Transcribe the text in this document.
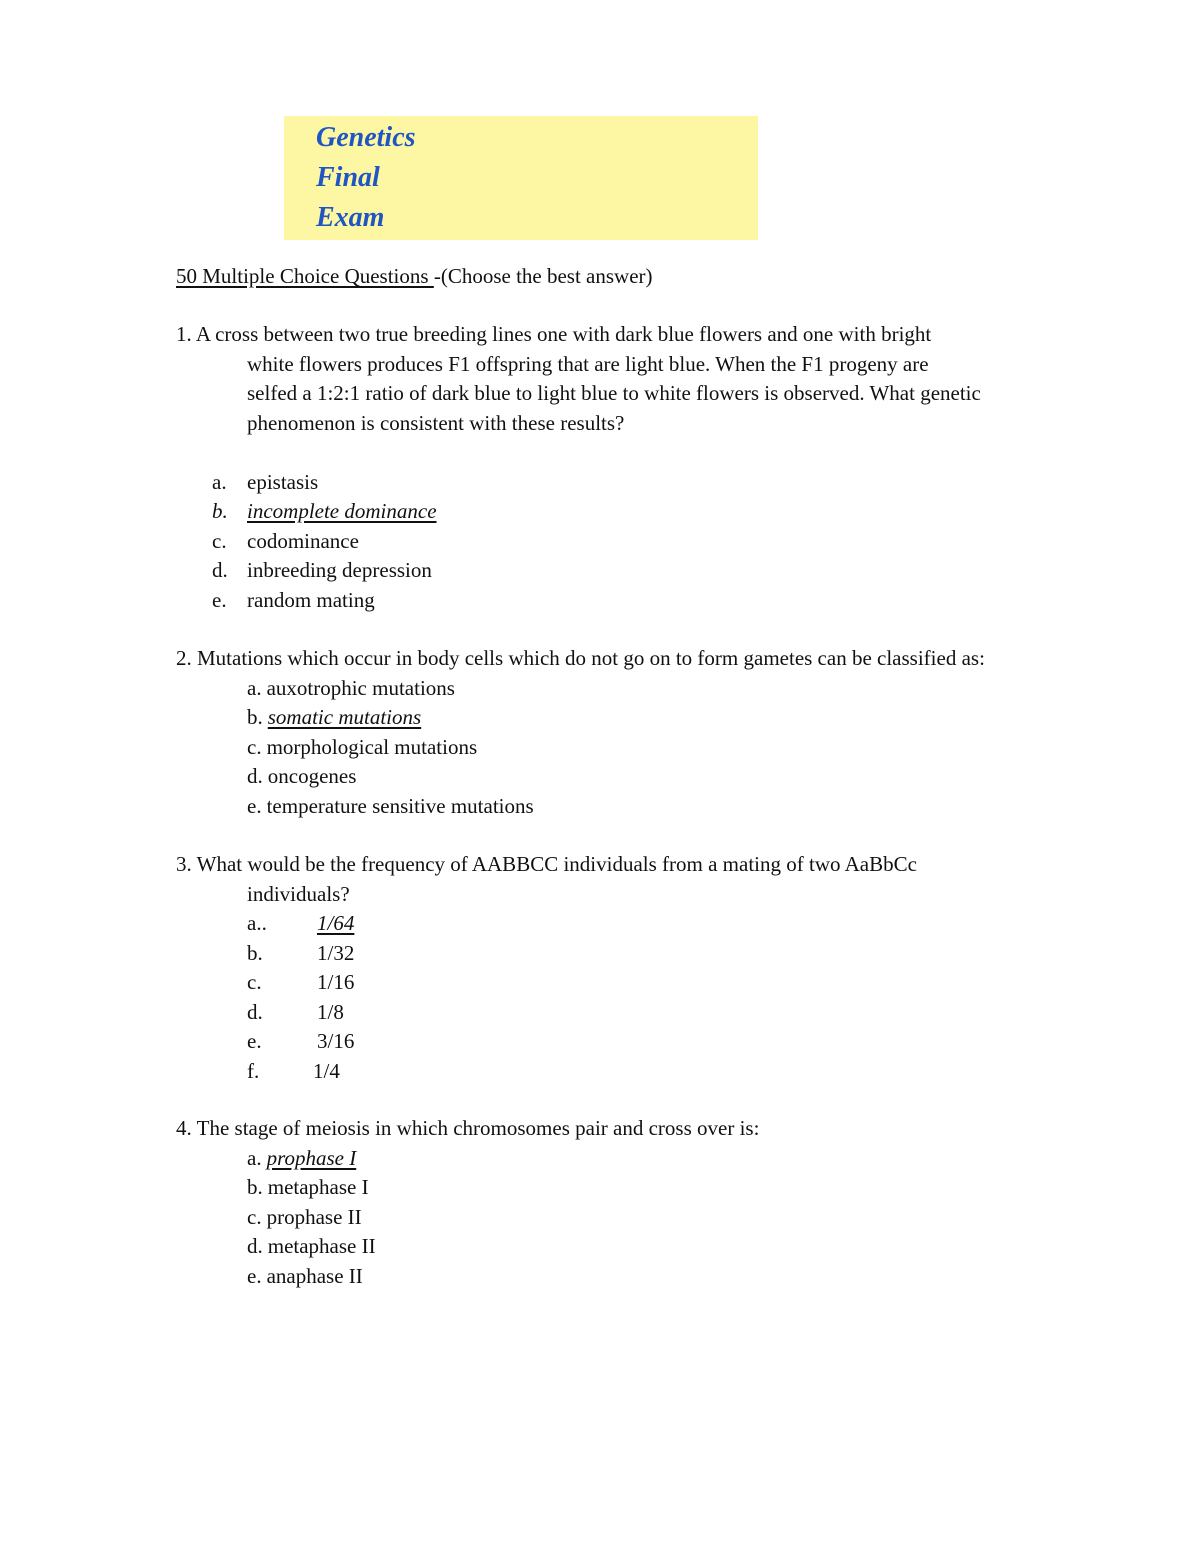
Genetics
Final
Exam
50 Multiple Choice Questions -(Choose the best answer)
1. A cross between two true breeding lines one with dark blue flowers and one with bright
white flowers produces F1 offspring that are light blue. When the F1 progeny are
selfed a 1:2:1 ratio of dark blue to light blue to white flowers is observed. What genetic
phenomenon is consistent with these results?
a. epistasis
b. incomplete dominance
c. codominance
d. inbreeding depression
e. random mating
2. Mutations which occur in body cells which do not go on to form gametes can be classified as:
a. auxotrophic mutations
b. somatic mutations
c. morphological mutations
d. oncogenes
e. temperature sensitive mutations
3. What would be the frequency of AABBCC individuals from a mating of two AaBbCc
individuals?
a.. 1/64
b.	1/32
c.	1/16
d.	1/8
e.	3/16
f.	1/4
4. The stage of meiosis in which chromosomes pair and cross over is:
a. prophase I
b. metaphase I
c. prophase II
d. metaphase II
e. anaphase II
